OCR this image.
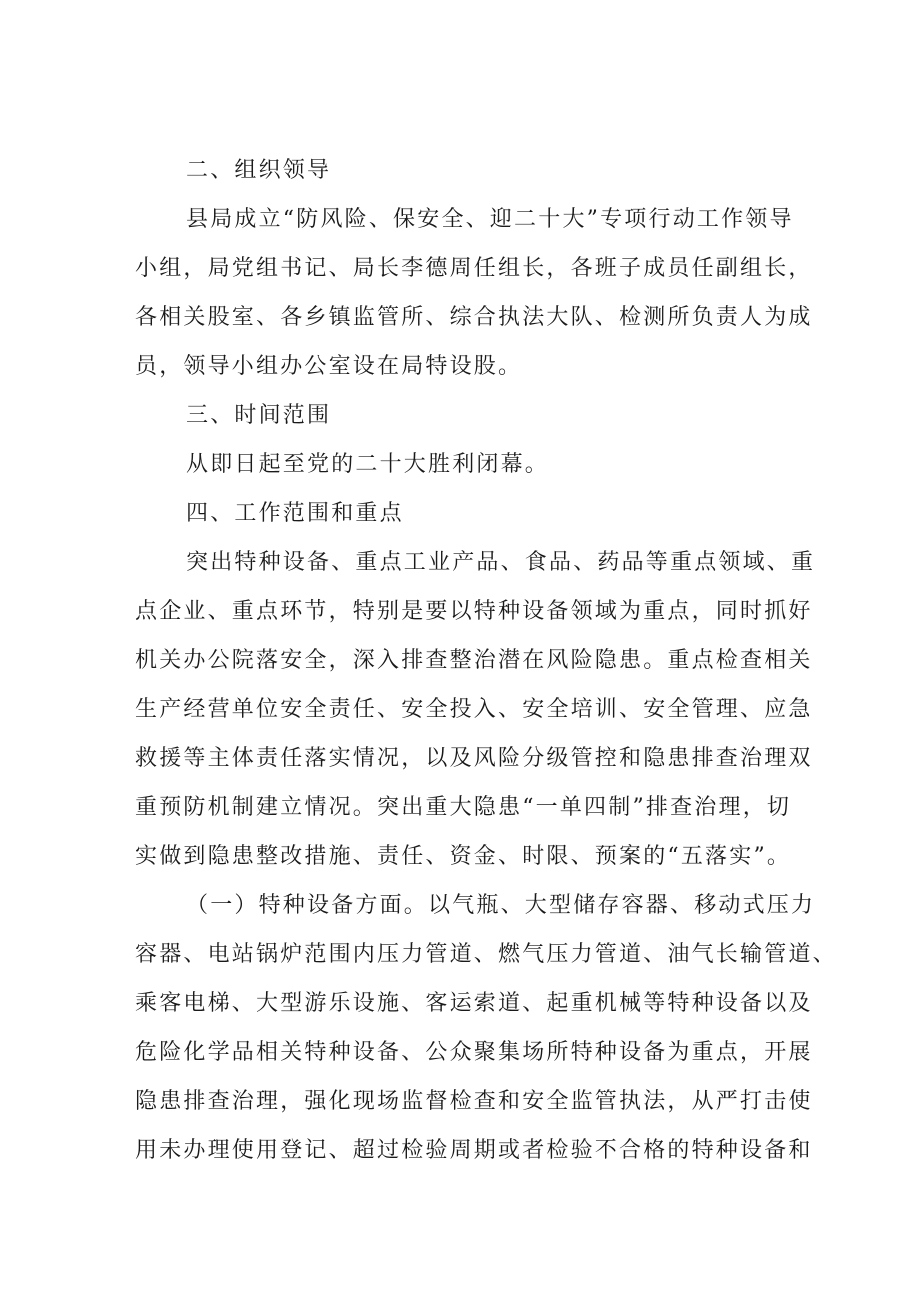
二、组织领导
县局成立“防风险、保安全、迎二十大”专项行动工作领导
小组，局党组书记、局长李德周任组长，各班子成员任副组长，
各相关股室、各乡镇监管所、综合执法大队、检测所负责人为成
员，领导小组办公室设在局特设股。
三、时间范围
从即日起至党的二十大胜利闭幕。
四、工作范围和重点
突出特种设备、重点工业产品、食品、药品等重点领域、重
点企业、重点环节，特别是要以特种设备领域为重点，同时抓好
机关办公院落安全，深入排查整治潜在风险隐患。重点检查相关
生产经营单位安全责任、安全投入、安全培训、安全管理、应急
救援等主体责任落实情况，以及风险分级管控和隐患排查治理双
重预防机制建立情况。突出重大隐患“一单四制”排查治理，切
实做到隐患整改措施、责任、资金、时限、预案的“五落实”。
（一）特种设备方面。以气瓶、大型储存容器、移动式压力
容器、电站锅炉范围内压力管道、燃气压力管道、油气长输管道、
乘客电梯、大型游乐设施、客运索道、起重机械等特种设备以及
危险化学品相关特种设备、公众聚集场所特种设备为重点，开展
隐患排查治理，强化现场监督检查和安全监管执法，从严打击使
用未办理使用登记、超过检验周期或者检验不合格的特种设备和
